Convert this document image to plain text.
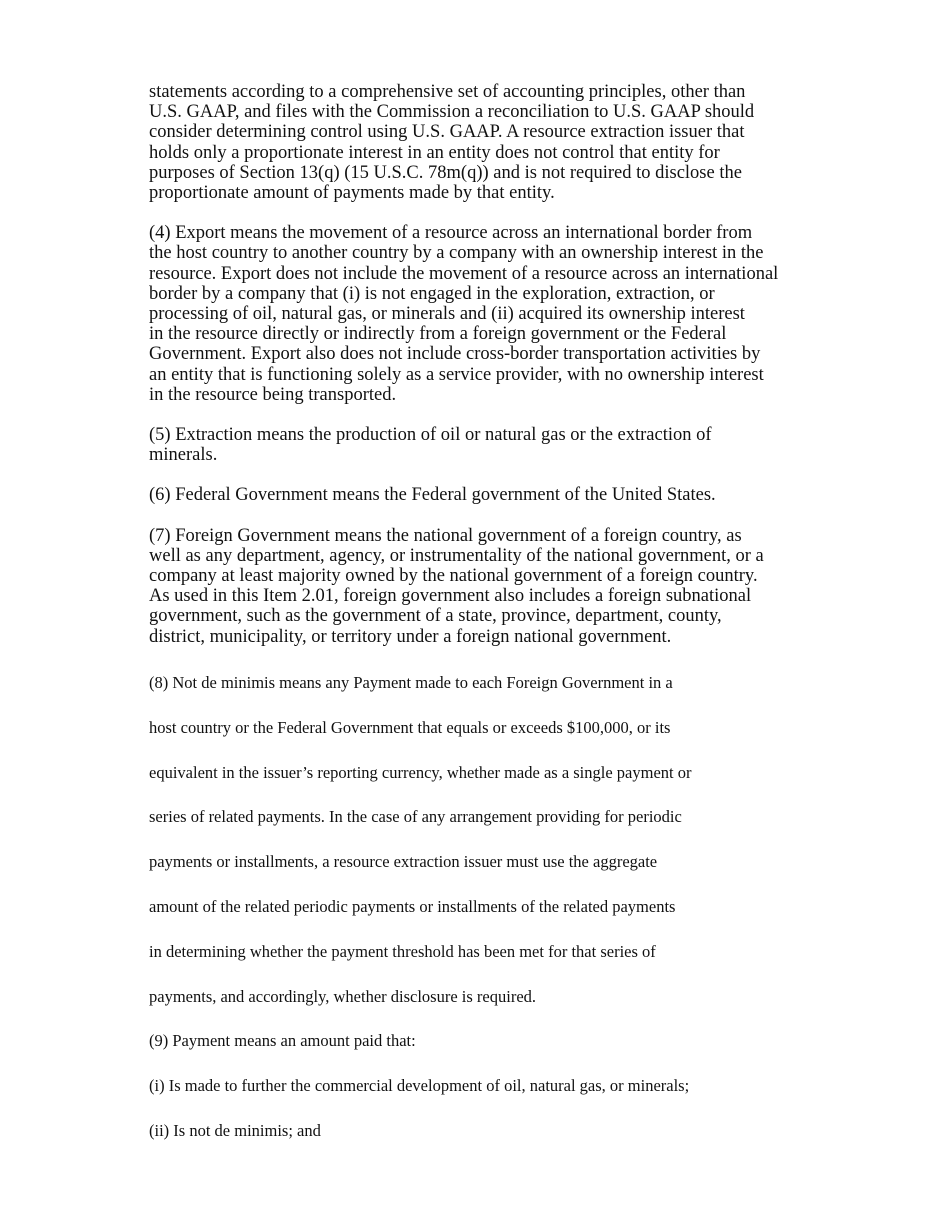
statements according to a comprehensive set of accounting principles, other than
U.S. GAAP, and files with the Commission a reconciliation to U.S. GAAP should
consider determining control using U.S. GAAP. A resource extraction issuer that
holds only a proportionate interest in an entity does not control that entity for
purposes of Section 13(q) (15 U.S.C. 78m(q)) and is not required to disclose the
proportionate amount of payments made by that entity.

(4) Export means the movement of a resource across an international border from
the host country to another country by a company with an ownership interest in the
resource. Export does not include the movement of a resource across an international
border by a company that (i) is not engaged in the exploration, extraction, or
processing of oil, natural gas, or minerals and (ii) acquired its ownership interest
in the resource directly or indirectly from a foreign government or the Federal
Government. Export also does not include cross-border transportation activities by
an entity that is functioning solely as a service provider, with no ownership interest
in the resource being transported.

(5) Extraction means the production of oil or natural gas or the extraction of
minerals.

(6) Federal Government means the Federal government of the United States.

(7) Foreign Government means the national government of a foreign country, as
well as any department, agency, or instrumentality of the national government, or a
company at least majority owned by the national government of a foreign country.
As used in this Item 2.01, foreign government also includes a foreign subnational
government, such as the government of a state, province, department, county,
district, municipality, or territory under a foreign national government.

(8) Not de minimis means any Payment made to each Foreign Government in a
host country or the Federal Government that equals or exceeds $100,000, or its
equivalent in the issuer’s reporting currency, whether made as a single payment or
series of related payments. In the case of any arrangement providing for periodic
payments or installments, a resource extraction issuer must use the aggregate
amount of the related periodic payments or installments of the related payments
in determining whether the payment threshold has been met for that series of
payments, and accordingly, whether disclosure is required.

(9) Payment means an amount paid that:

(i) Is made to further the commercial development of oil, natural gas, or minerals;

(ii) Is not de minimis; and
